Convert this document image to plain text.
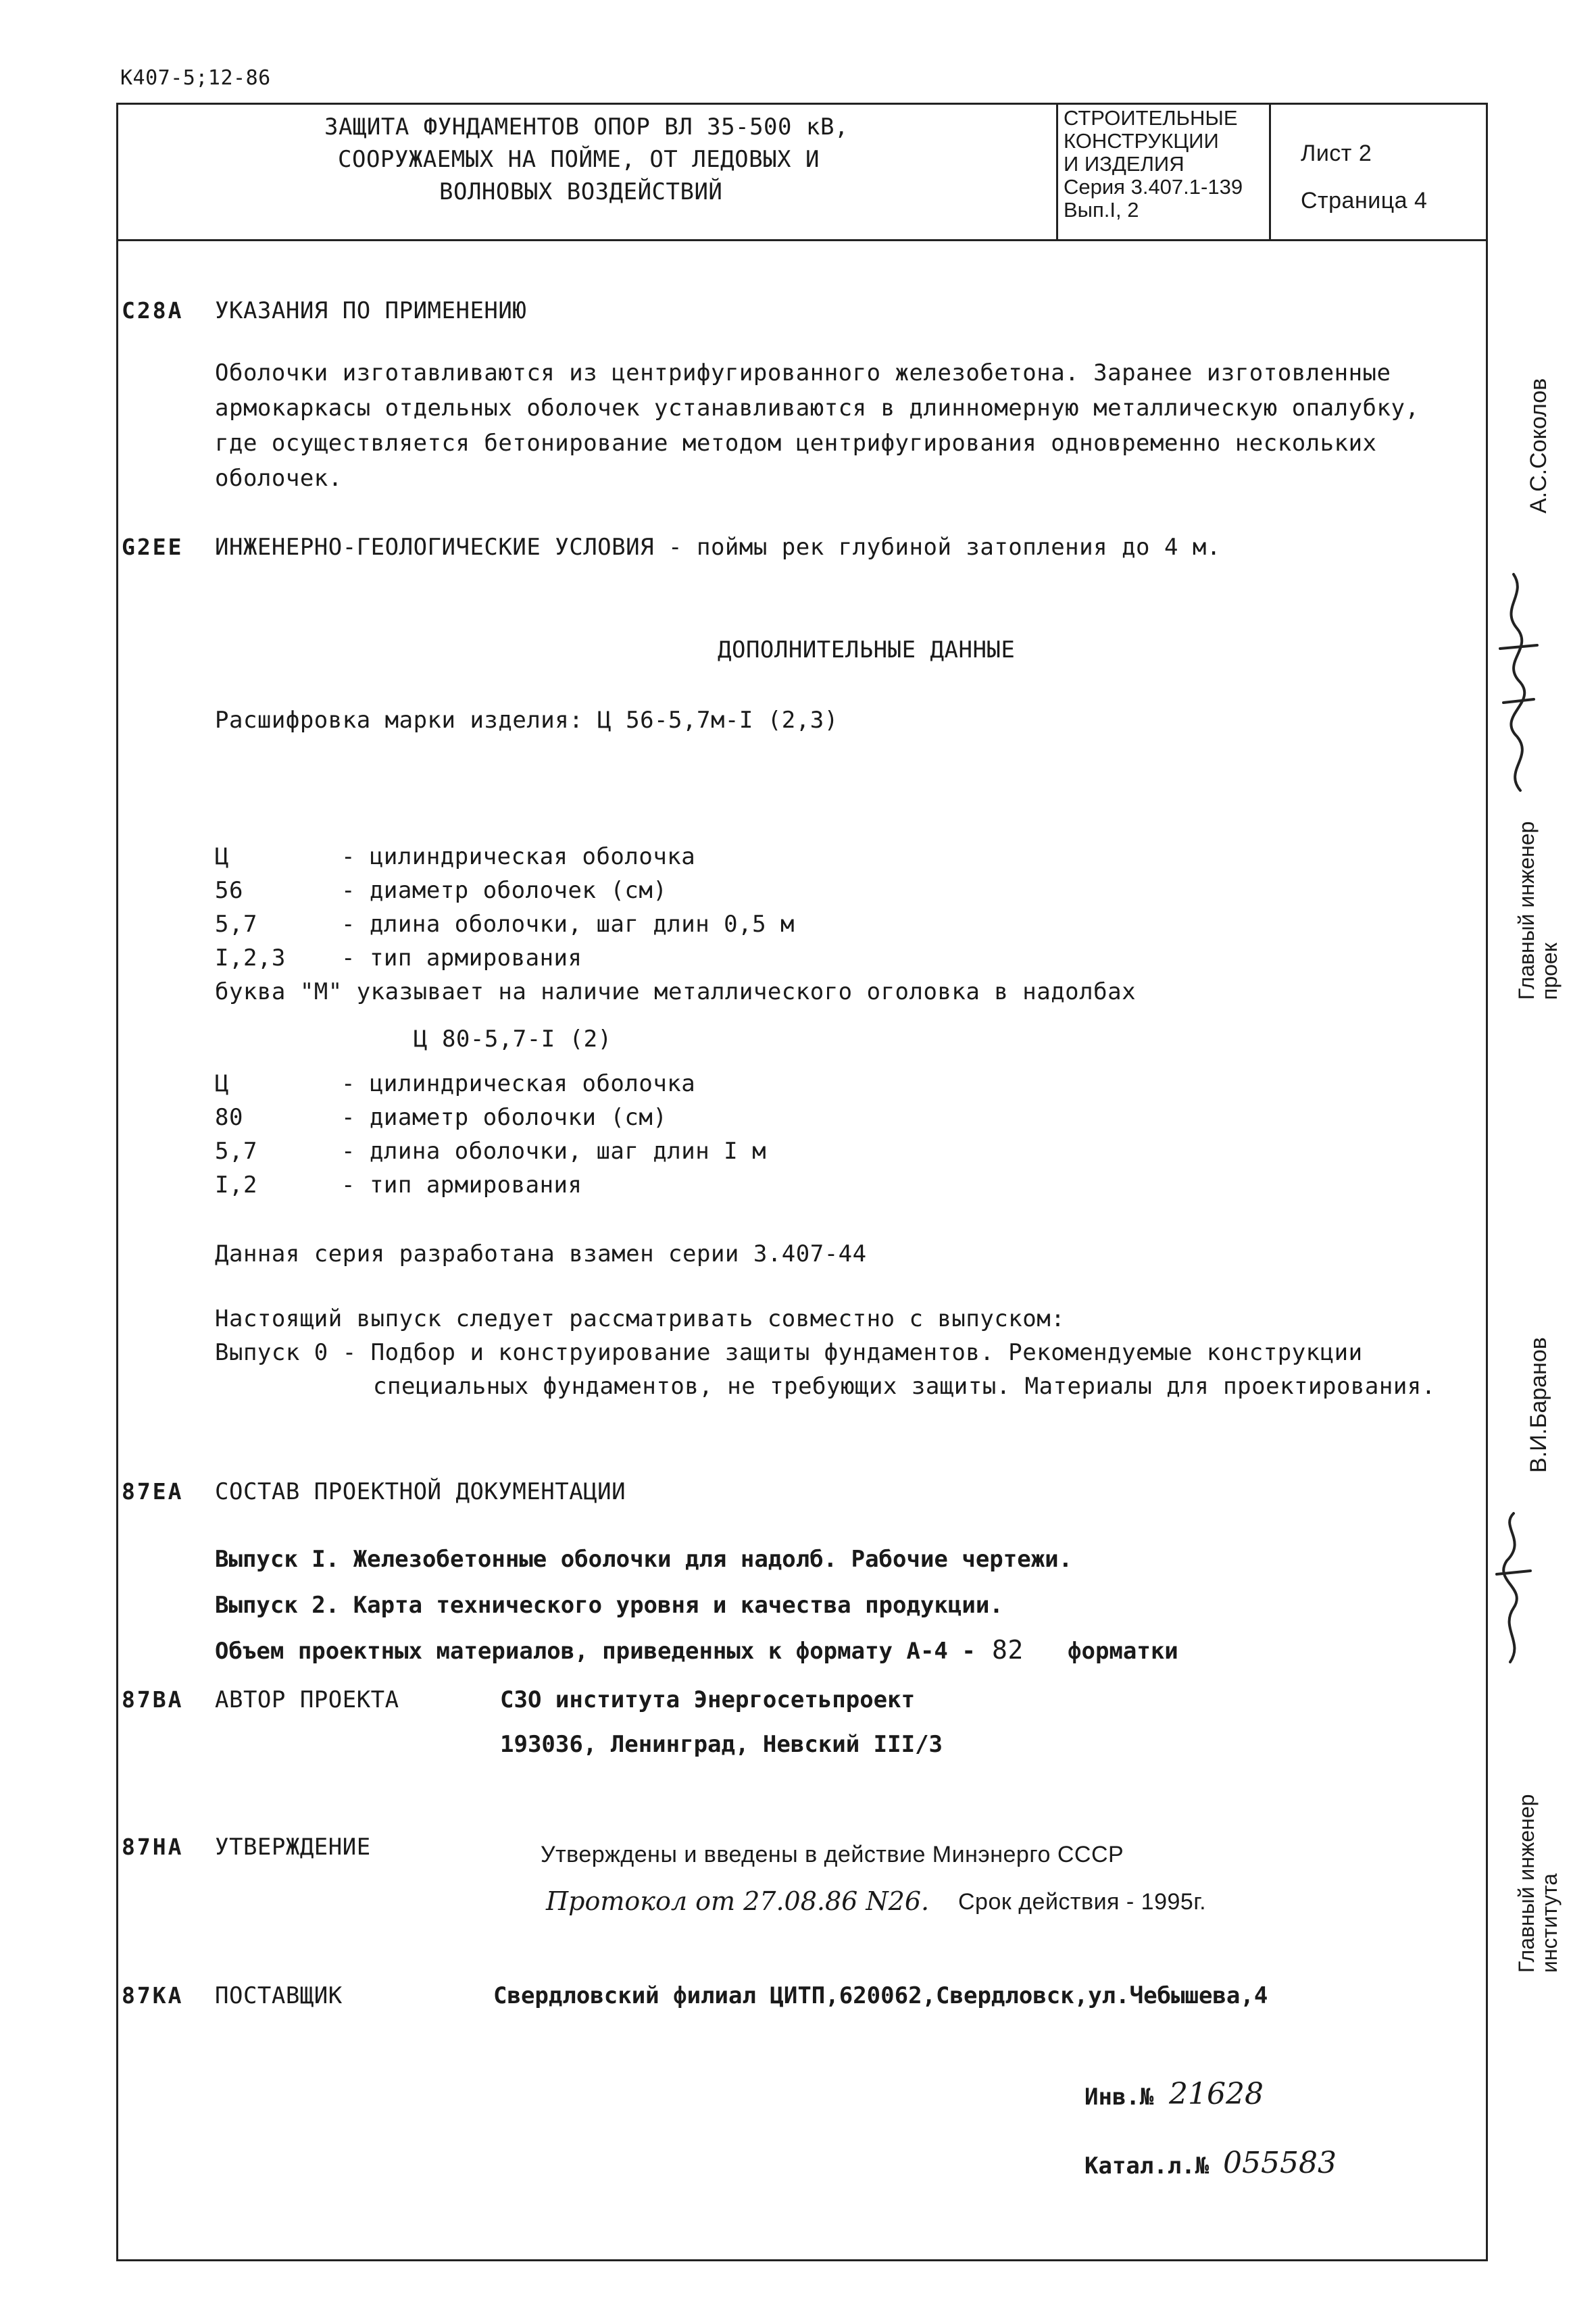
К407-5;12-86
ЗАЩИТА ФУНДАМЕНТОВ ОПОР ВЛ 35-500 кВ,
СООРУЖАЕМЫХ НА ПОЙМЕ, ОТ ЛЕДОВЫХ И
ВОЛНОВЫХ ВОЗДЕЙСТВИЙ
СТРОИТЕЛЬНЫЕ
КОНСТРУКЦИИ
И ИЗДЕЛИЯ
Серия 3.407.1-139
Вып.I, 2
Лист 2
Страница 4
С28А УКАЗАНИЯ ПО ПРИМЕНЕНИЮ
Оболочки изготавливаются из центрифугированного железобетона. Заранее изготовленные
армокаркасы отдельных оболочек устанавливаются в длинномерную металлическую опалубку,
где осуществляется бетонирование методом центрифугирования одновременно нескольких
оболочек.
G2ЕЕ ИНЖЕНЕРНО-ГЕОЛОГИЧЕСКИЕ УСЛОВИЯ - поймы рек глубиной затопления до 4 м.
ДОПОЛНИТЕЛЬНЫЕ ДАННЫЕ
Расшифровка марки изделия: Ц 56-5,7м-I (2,3)
Ц	- цилиндрическая оболочка
56	- диаметр оболочек (см)
5,7	- длина оболочки, шаг длин 0,5 м
I,2,3 - тип армирования
буква "М" указывает на наличие металлического оголовка в надолбах
Ц 80-5,7-I (2)
Ц	- цилиндрическая оболочка
80	- диаметр оболочки (см)
5,7	- длина оболочки, шаг длин I м
I,2	- тип армирования
Данная серия разработана взамен серии 3.407-44
Настоящий выпуск следует рассматривать совместно с выпуском:
Выпуск 0 - Подбор и конструирование защиты фундаментов. Рекомендуемые конструкции
специальных фундаментов, не требующих защиты. Материалы для проектирования.
87ЕА СОСТАВ ПРОЕКТНОЙ ДОКУМЕНТАЦИИ
Выпуск I. Железобетонные оболочки для надолб. Рабочие чертежи.
Выпуск 2. Карта технического уровня и качества продукции.
Объем проектных материалов, приведенных к формату А-4 - 82 форматки
87ВА АВТОР ПРОЕКТА	СЗО института Энергосетьпроект
193036, Ленинград, Невский III/3
87НА УТВЕРЖДЕНИЕ	Утверждены и введены в действие Минэнерго СССР
Протокол от 27.08.86 N26. Срок действия - 1995г.
87КА ПОСТАВЩИК	Свердловский филиал ЦИТП,620062,Свердловск,ул.Чебышева,4
Инв.№ 21628
Катал.л.№ 055583
А.С.Соколов
Главный инженер
проек
В.И.Баранов
Главный инженер
института
